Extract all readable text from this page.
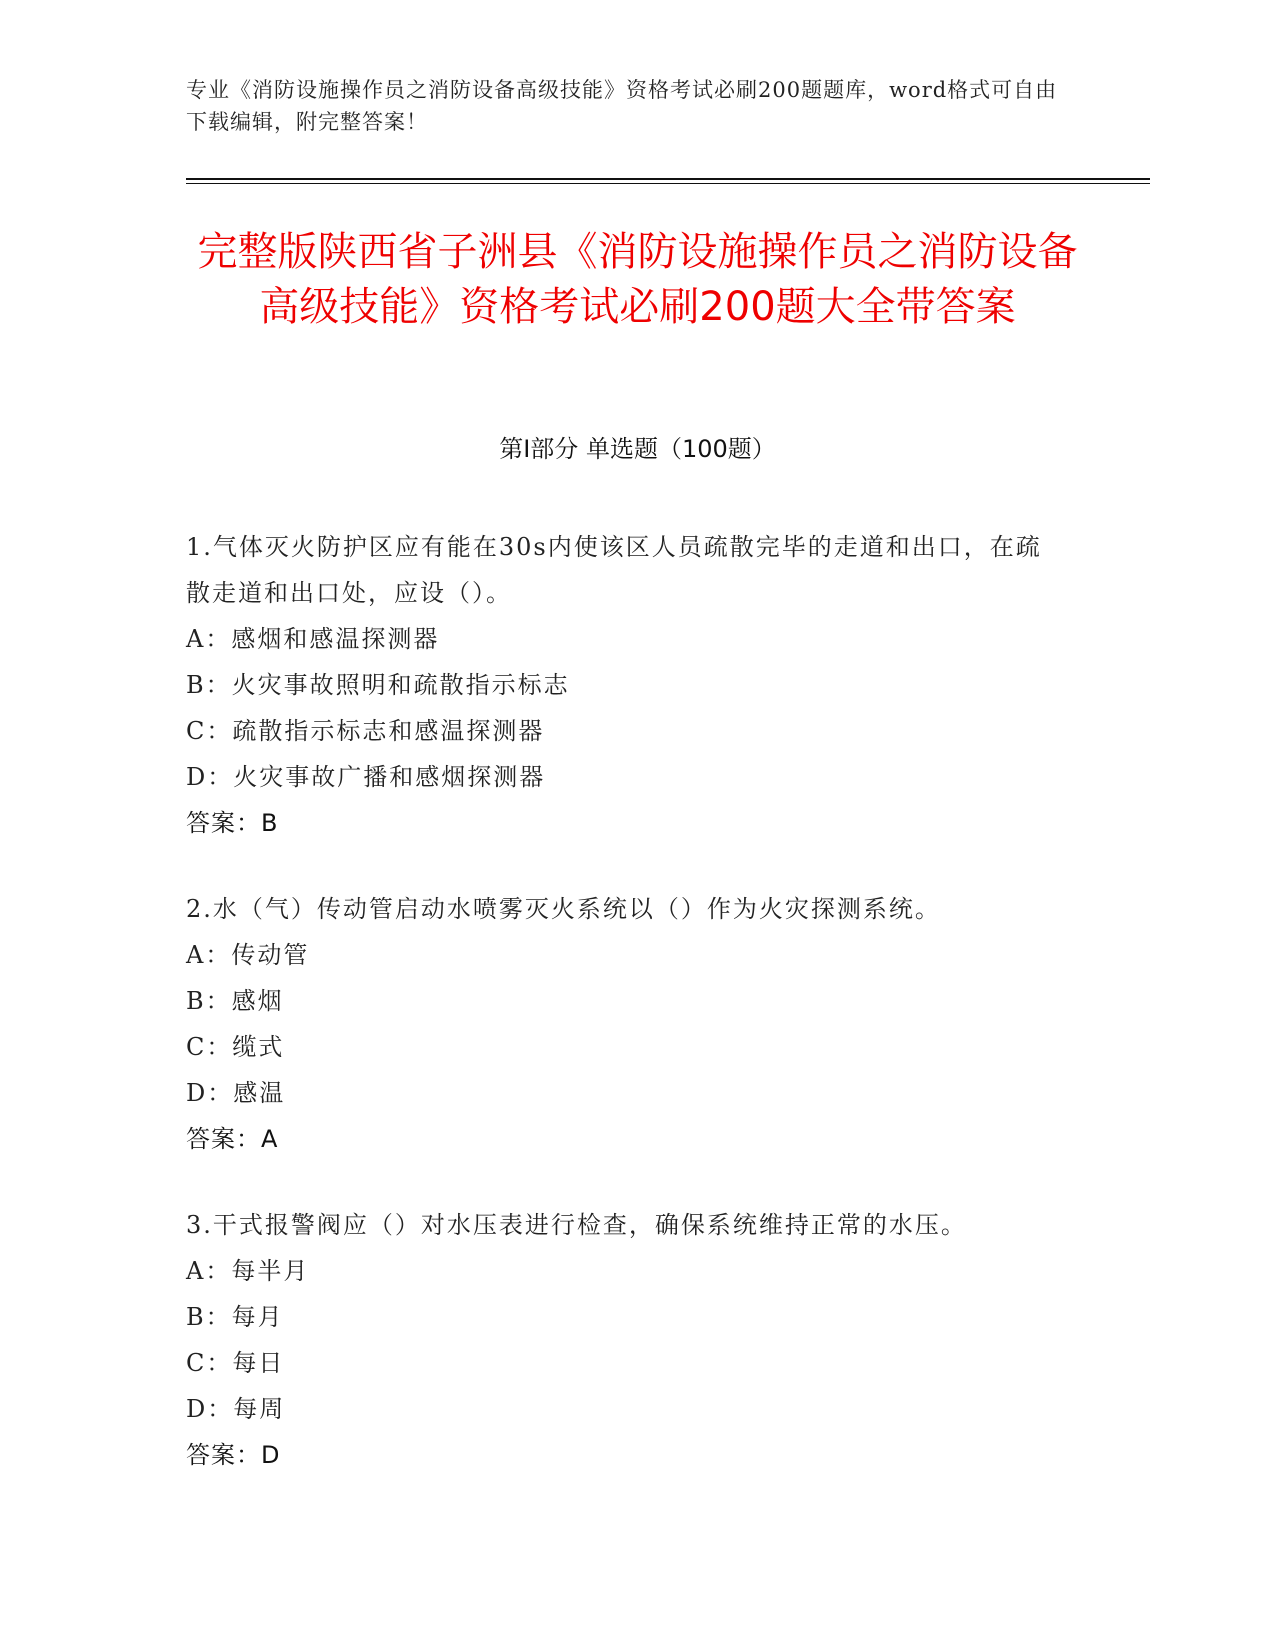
专业《消防设施操作员之消防设备高级技能》资格考试必刷200题题库，word格式可自由下载编辑，附完整答案！
完整版陕西省子洲县《消防设施操作员之消防设备高级技能》资格考试必刷200题大全带答案
第I部分 单选题（100题）
1.气体灭火防护区应有能在30s内使该区人员疏散完毕的走道和出口，在疏散走道和出口处，应设（）。
A：感烟和感温探测器
B：火灾事故照明和疏散指示标志
C：疏散指示标志和感温探测器
D：火灾事故广播和感烟探测器
答案：B
2.水（气）传动管启动水喷雾灭火系统以（）作为火灾探测系统。
A：传动管
B：感烟
C：缆式
D：感温
答案：A
3.干式报警阀应（）对水压表进行检查，确保系统维持正常的水压。
A：每半月
B：每月
C：每日
D：每周
答案：D
